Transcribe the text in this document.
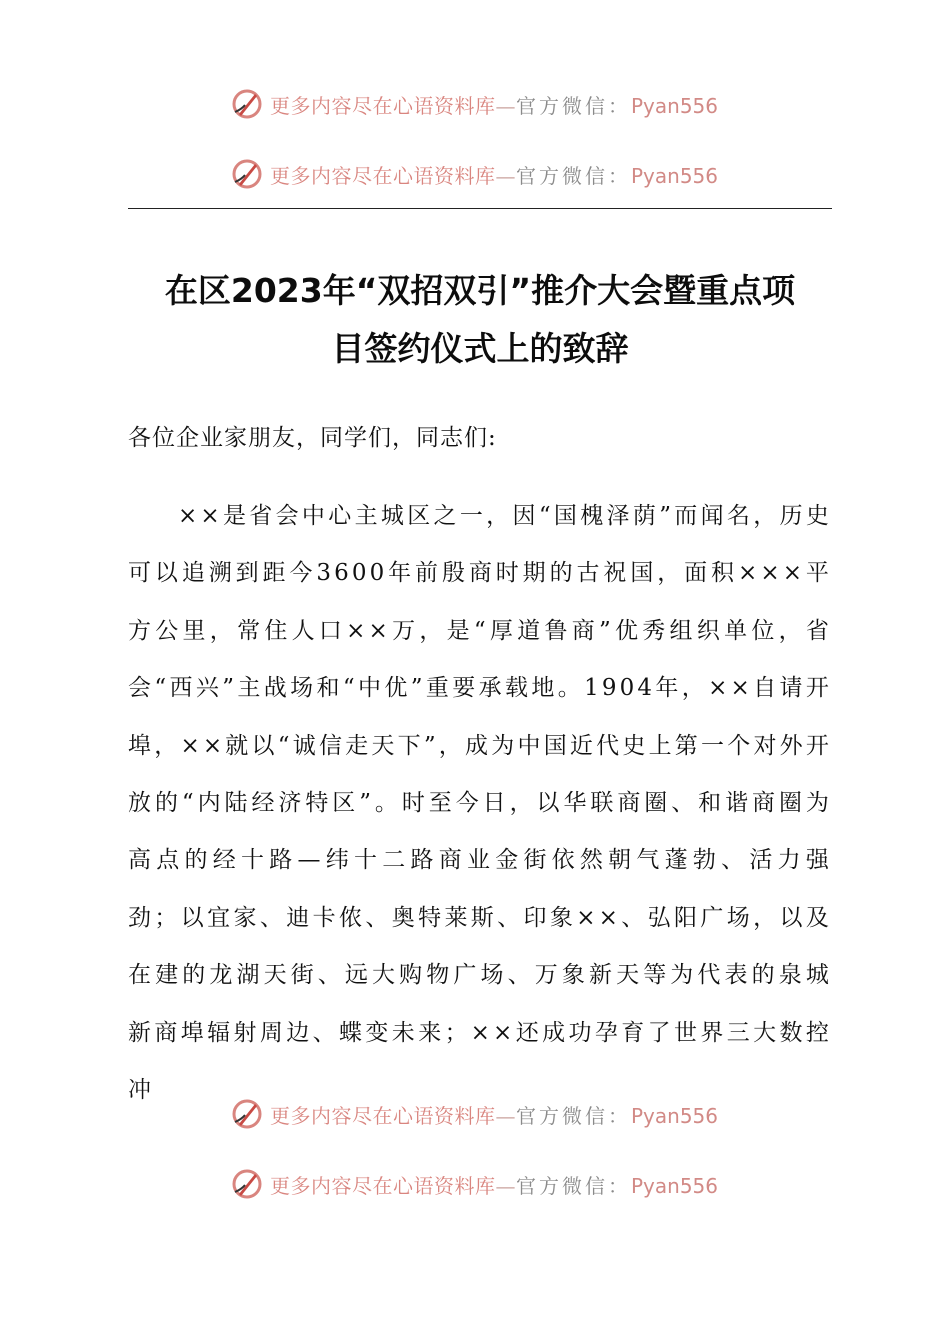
更多内容尽在心语资料库—官方微信：Pyan556
更多内容尽在心语资料库—官方微信：Pyan556
在区2023年“双招双引”推介大会暨重点项
目签约仪式上的致辞

各位企业家朋友，同学们，同志们:

××是省会中心主城区之一，因“国槐泽荫”而闻名，历史可以追溯到距今3600年前殷商时期的古祝国，面积×××平方公里，常住人口××万，是“厚道鲁商”优秀组织单位，省会“西兴”主战场和“中优”重要承载地。1904年，××自请开埠，××就以“诚信走天下”，成为中国近代史上第一个对外开放的“内陆经济特区”。时至今日，以华联商圈、和谐商圈为高点的经十路—纬十二路商业金街依然朝气蓬勃、活力强劲；以宜家、迪卡侬、奥特莱斯、印象××、弘阳广场，以及在建的龙湖天街、远大购物广场、万象新天等为代表的泉城新商埠辐射周边、蝶变未来；××还成功孕育了世界三大数控冲

更多内容尽在心语资料库—官方微信：Pyan556
更多内容尽在心语资料库—官方微信：Pyan556
